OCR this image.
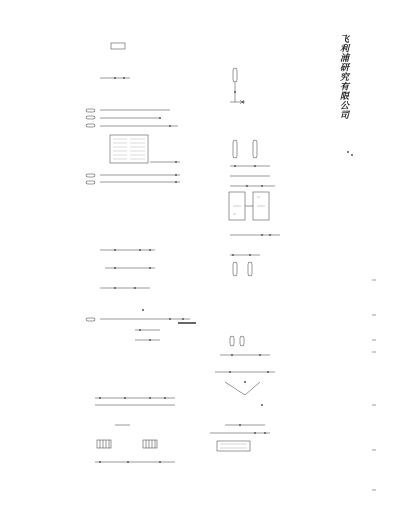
飞利浦研究有限公司
